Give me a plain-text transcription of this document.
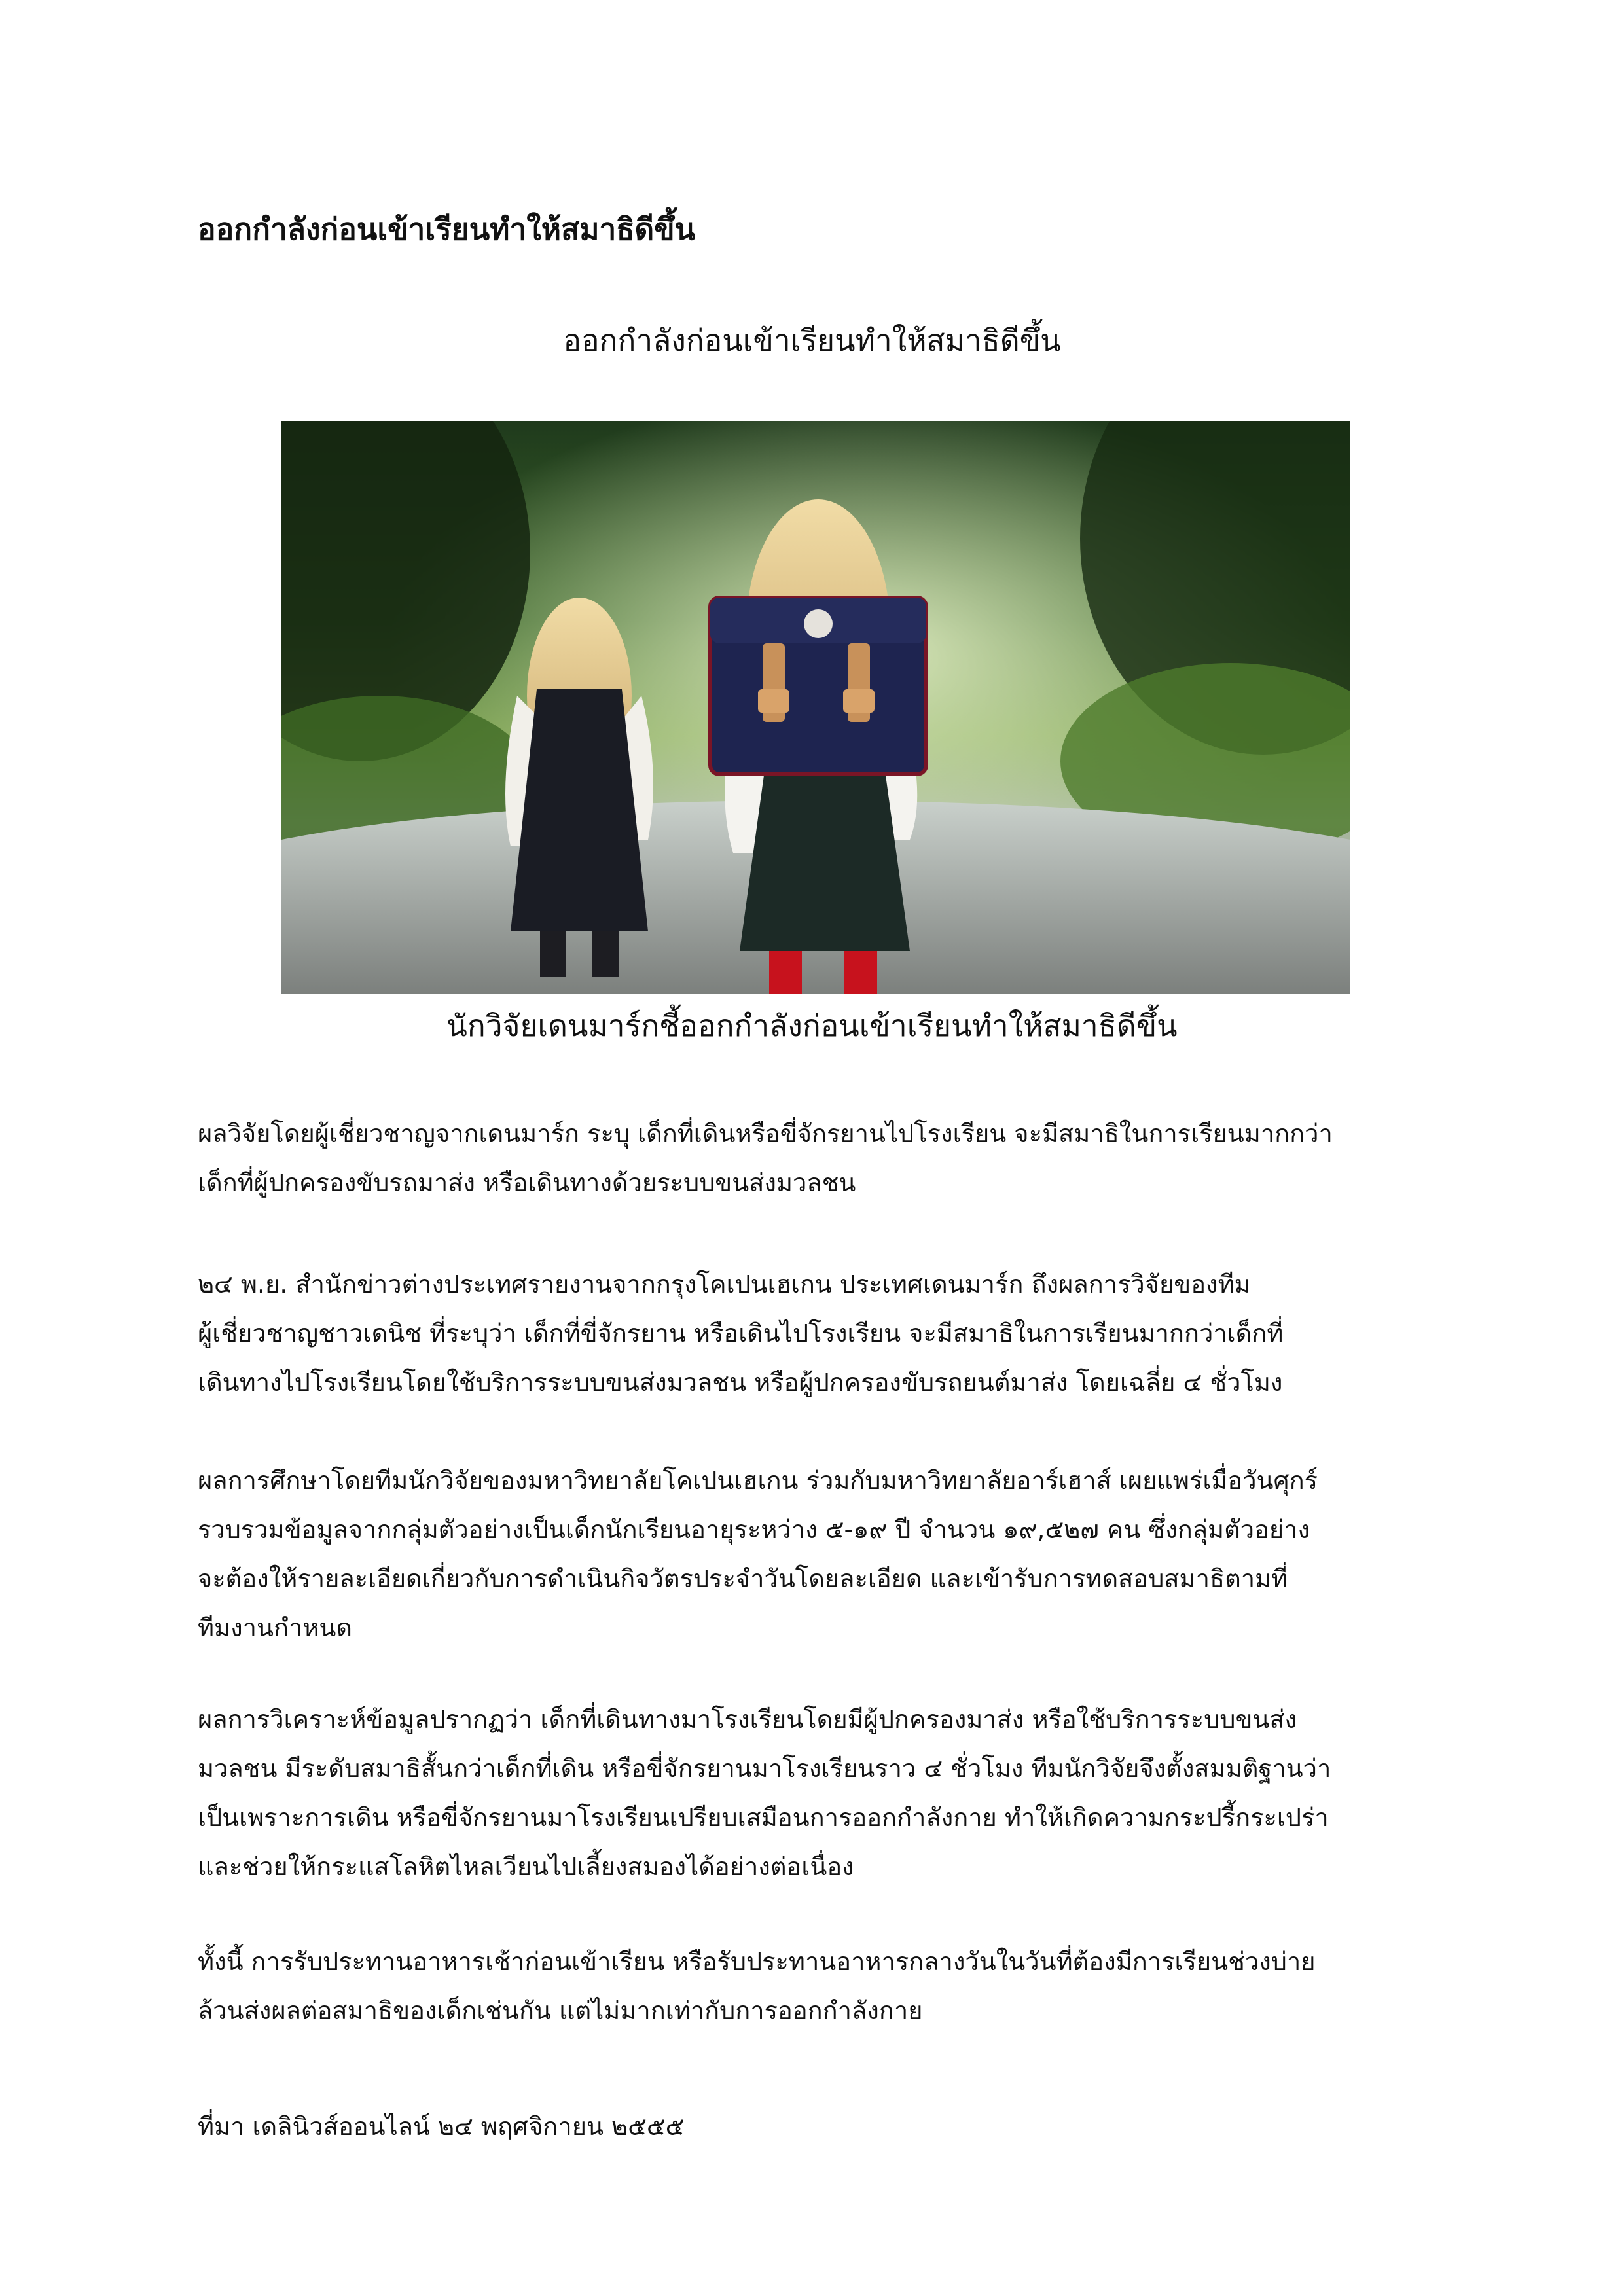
ออกกำลังก่อนเข้าเรียนทำให้สมาธิดีขึ้น
ออกกำลังก่อนเข้าเรียนทำให้สมาธิดีขึ้น
นักวิจัยเดนมาร์กชี้ออกกำลังก่อนเข้าเรียนทำให้สมาธิดีขึ้น
ผลวิจัยโดยผู้เชี่ยวชาญจากเดนมาร์ก ระบุ เด็กที่เดินหรือขี่จักรยานไปโรงเรียน จะมีสมาธิในการเรียนมากกว่า
เด็กที่ผู้ปกครองขับรถมาส่ง หรือเดินทางด้วยระบบขนส่งมวลชน
๒๔ พ.ย. สำนักข่าวต่างประเทศรายงานจากกรุงโคเปนเฮเกน ประเทศเดนมาร์ก ถึงผลการวิจัยของทีม
ผู้เชี่ยวชาญชาวเดนิช ที่ระบุว่า เด็กที่ขี่จักรยาน หรือเดินไปโรงเรียน จะมีสมาธิในการเรียนมากกว่าเด็กที่
เดินทางไปโรงเรียนโดยใช้บริการระบบขนส่งมวลชน หรือผู้ปกครองขับรถยนต์มาส่ง โดยเฉลี่ย ๔ ชั่วโมง
ผลการศึกษาโดยทีมนักวิจัยของมหาวิทยาลัยโคเปนเฮเกน ร่วมกับมหาวิทยาลัยอาร์เฮาส์ เผยแพร่เมื่อวันศุกร์
รวบรวมข้อมูลจากกลุ่มตัวอย่างเป็นเด็กนักเรียนอายุระหว่าง ๕-๑๙ ปี จำนวน ๑๙,๕๒๗ คน ซึ่งกลุ่มตัวอย่าง
จะต้องให้รายละเอียดเกี่ยวกับการดำเนินกิจวัตรประจำวันโดยละเอียด และเข้ารับการทดสอบสมาธิตามที่
ทีมงานกำหนด
ผลการวิเคราะห์ข้อมูลปรากฏว่า เด็กที่เดินทางมาโรงเรียนโดยมีผู้ปกครองมาส่ง หรือใช้บริการระบบขนส่ง
มวลชน มีระดับสมาธิสั้นกว่าเด็กที่เดิน หรือขี่จักรยานมาโรงเรียนราว ๔ ชั่วโมง ทีมนักวิจัยจึงตั้งสมมติฐานว่า
เป็นเพราะการเดิน หรือขี่จักรยานมาโรงเรียนเปรียบเสมือนการออกกำลังกาย ทำให้เกิดความกระปรี้กระเปร่า
และช่วยให้กระแสโลหิตไหลเวียนไปเลี้ยงสมองได้อย่างต่อเนื่อง
ทั้งนี้ การรับประทานอาหารเช้าก่อนเข้าเรียน หรือรับประทานอาหารกลางวันในวันที่ต้องมีการเรียนช่วงบ่าย
ล้วนส่งผลต่อสมาธิของเด็กเช่นกัน แต่ไม่มากเท่ากับการออกกำลังกาย
ที่มา เดลินิวส์ออนไลน์ ๒๔ พฤศจิกายน ๒๕๕๕
